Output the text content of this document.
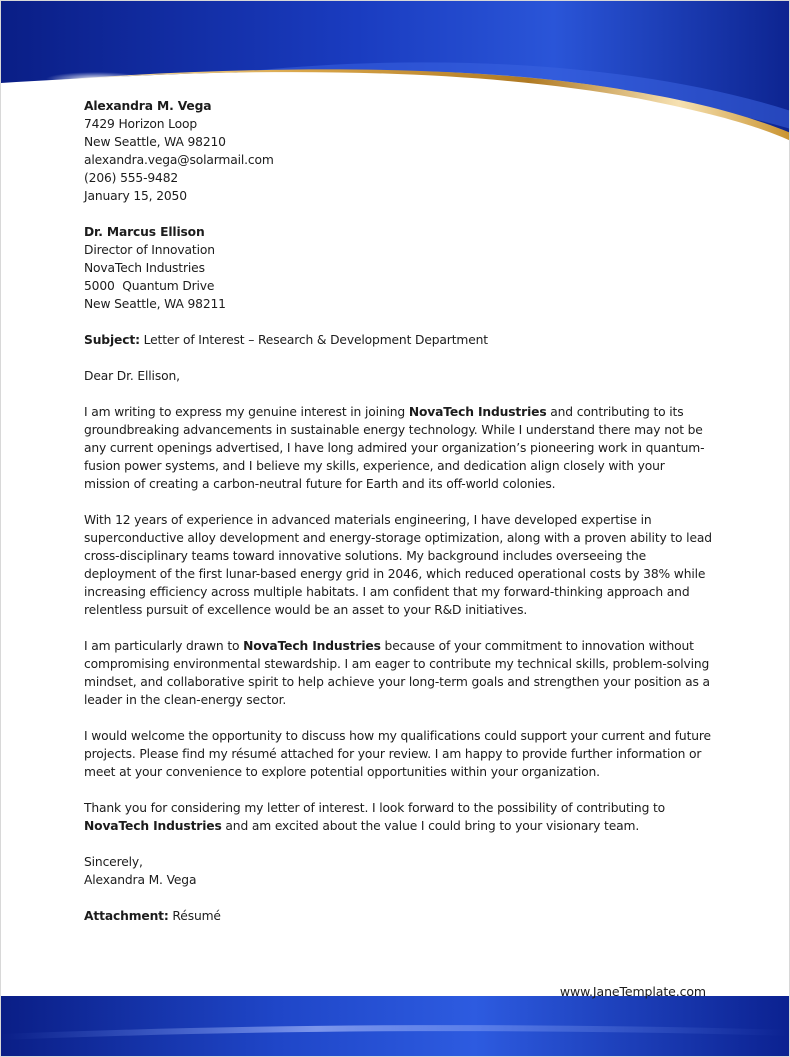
Alexandra M. Vega
7429 Horizon Loop
New Seattle, WA 98210
alexandra.vega@solarmail.com
(206) 555-9482
January 15, 2050
Dr. Marcus Ellison
Director of Innovation
NovaTech Industries
5000  Quantum Drive
New Seattle, WA 98211

Subject: Letter of Interest – Research & Development Department

Dear Dr. Ellison,

I am writing to express my genuine interest in joining NovaTech Industries and contributing to its groundbreaking advancements in sustainable energy technology. While I understand there may not be any current openings advertised, I have long admired your organization’s pioneering work in quantum-fusion power systems, and I believe my skills, experience, and dedication align closely with your mission of creating a carbon-neutral future for Earth and its off-world colonies.

With 12 years of experience in advanced materials engineering, I have developed expertise in superconductive alloy development and energy-storage optimization, along with a proven ability to lead cross-disciplinary teams toward innovative solutions. My background includes overseeing the deployment of the first lunar-based energy grid in 2046, which reduced operational costs by 38% while increasing efficiency across multiple habitats. I am confident that my forward-thinking approach and relentless pursuit of excellence would be an asset to your R&D initiatives.

I am particularly drawn to NovaTech Industries because of your commitment to innovation without compromising environmental stewardship. I am eager to contribute my technical skills, problem-solving mindset, and collaborative spirit to help achieve your long-term goals and strengthen your position as a leader in the clean-energy sector.

I would welcome the opportunity to discuss how my qualifications could support your current and future projects. Please find my résumé attached for your review. I am happy to provide further information or meet at your convenience to explore potential opportunities within your organization.

Thank you for considering my letter of interest. I look forward to the possibility of contributing to NovaTech Industries and am excited about the value I could bring to your visionary team.

Sincerely,
Alexandra M. Vega

Attachment: Résumé

www.JaneTemplate.com
